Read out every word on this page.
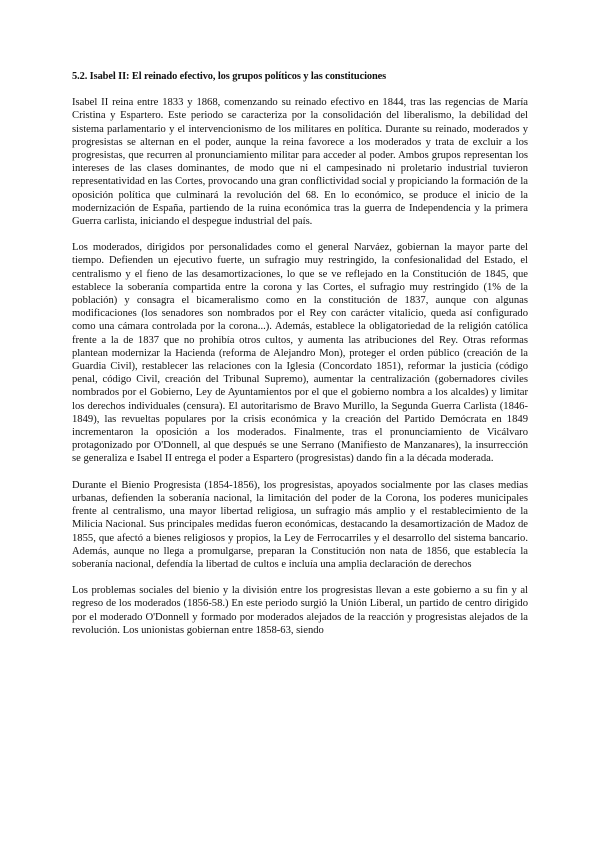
5.2. Isabel II: El reinado efectivo, los grupos políticos y las constituciones

Isabel II reina entre 1833 y 1868, comenzando su reinado efectivo en 1844, tras las regencias de María Cristina y Espartero. Este periodo se caracteriza por la consolidación del liberalismo, la debilidad del sistema parlamentario y el intervencionismo de los militares en política. Durante su reinado, moderados y progresistas se alternan en el poder, aunque la reina favorece a los moderados y trata de excluir a los progresistas, que recurren al pronunciamiento militar para acceder al poder. Ambos grupos representan los intereses de las clases dominantes, de modo que ni el campesinado ni proletario industrial tuvieron representatividad en las Cortes, provocando una gran conflictividad social y propiciando la formación de la oposición política que culminará la revolución del 68. En lo económico, se produce el inicio de la modernización de España, partiendo de la ruina económica tras la guerra de Independencia y la primera Guerra carlista, iniciando el despegue industrial del país.

Los moderados, dirigidos por personalidades como el general Narváez, gobiernan la mayor parte del tiempo. Defienden un ejecutivo fuerte, un sufragio muy restringido, la confesionalidad del Estado, el centralismo y el fieno de las desamortizaciones, lo que se ve reflejado en la Constitución de 1845, que establece la soberanía compartida entre la corona y las Cortes, el sufragio muy restringido (1% de la población) y consagra el bicameralismo como en la constitución de 1837, aunque con algunas modificaciones (los senadores son nombrados por el Rey con carácter vitalicio, queda así configurado como una cámara controlada por la corona...). Además, establece la obligatoriedad de la religión católica frente a la de 1837 que no prohibía otros cultos, y aumenta las atribuciones del Rey. Otras reformas plantean modernizar la Hacienda (reforma de Alejandro Mon), proteger el orden público (creación de la Guardia Civil), restablecer las relaciones con la Iglesia (Concordato 1851), reformar la justicia (código penal, código Civil, creación del Tribunal Supremo), aumentar la centralización (gobernadores civiles nombrados por el Gobierno, Ley de Ayuntamientos por el que el gobierno nombra a los alcaldes) y limitar los derechos individuales (censura). El autoritarismo de Bravo Murillo, la Segunda Guerra Carlista (1846-1849), las revueltas populares por la crisis económica y la creación del Partido Demócrata en 1849 incrementaron la oposición a los moderados. Finalmente, tras el pronunciamiento de Vicálvaro protagonizado por O'Donnell, al que después se une Serrano (Manifiesto de Manzanares), la insurrección se generaliza e Isabel II entrega el poder a Espartero (progresistas) dando fin a la década moderada.

Durante el Bienio Progresista (1854-1856), los progresistas, apoyados socialmente por las clases medias urbanas, defienden la soberanía nacional, la limitación del poder de la Corona, los poderes municipales frente al centralismo, una mayor libertad religiosa, un sufragio más amplio y el restablecimiento de la Milicia Nacional. Sus principales medidas fueron económicas, destacando la desamortización de Madoz de 1855, que afectó a bienes religiosos y propios, la Ley de Ferrocarriles y el desarrollo del sistema bancario. Además, aunque no llega a promulgarse, preparan la Constitución non nata de 1856, que establecía la soberanía nacional, defendía la libertad de cultos e incluía una amplia declaración de derechos

Los problemas sociales del bienio y la división entre los progresistas llevan a este gobierno a su fin y al regreso de los moderados (1856-58.) En este periodo surgió la Unión Liberal, un partido de centro dirigido por el moderado O'Donnell y formado por moderados alejados de la reacción y progresistas alejados de la revolución. Los unionistas gobiernan entre 1858-63, siendo
